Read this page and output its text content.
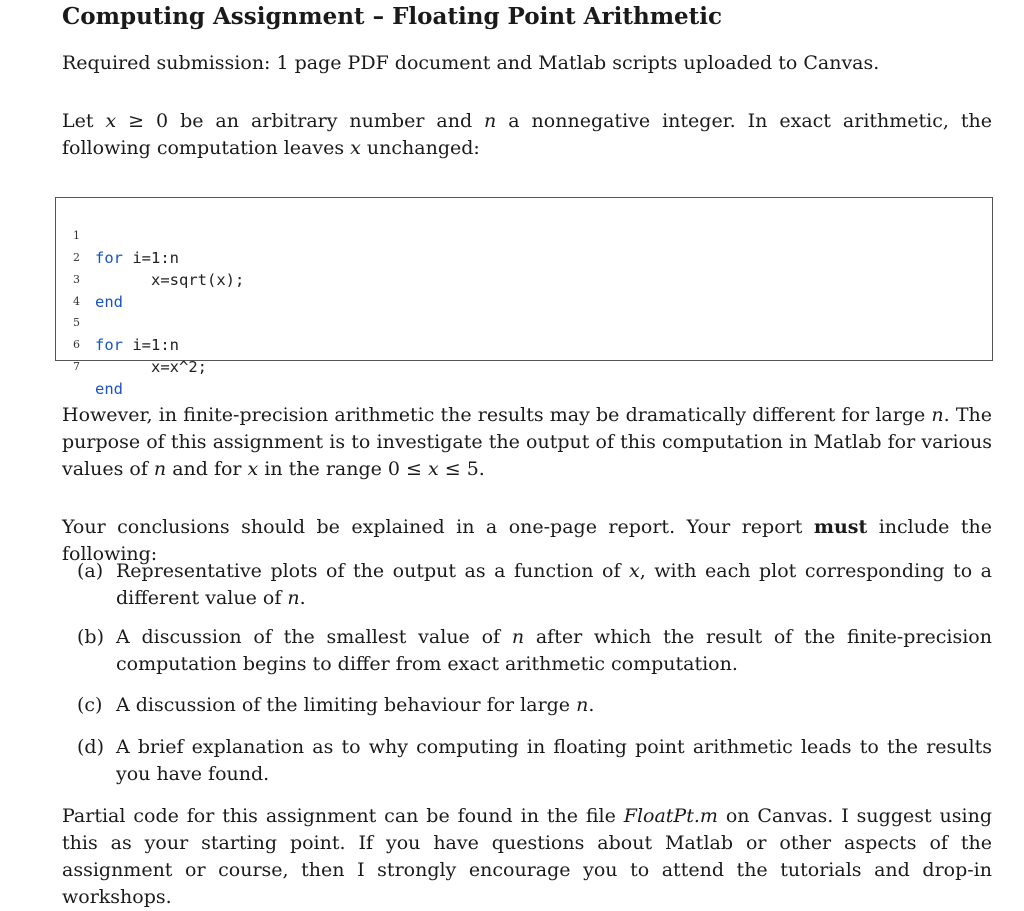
Computing Assignment – Floating Point Arithmetic

Required submission: 1 page PDF document and Matlab scripts uploaded to Canvas.

Let 𝑥 ≥ 0 be an arbitrary number and 𝑛 a nonnegative integer. In exact arithmetic, the following computation leaves 𝑥 unchanged:

1

for i=1:n

2

x=sqrt(x);

3

end

4

5

for i=1:n

6

x=x^2;

7

end

However, in finite-precision arithmetic the results may be dramatically different for large 𝑛. The purpose of this assignment is to investigate the output of this computation in Matlab for various values of 𝑛 and for 𝑥 in the range 0 ≤ 𝑥 ≤ 5.

Your conclusions should be explained in a one-page report. Your report must include the following:

(a) Representative plots of the output as a function of 𝑥, with each plot corresponding to a different value of 𝑛.

(b) A discussion of the smallest value of 𝑛 after which the result of the finite-precision computation begins to differ from exact arithmetic computation.

(c) A discussion of the limiting behaviour for large 𝑛.

(d) A brief explanation as to why computing in floating point arithmetic leads to the results you have found.

Partial code for this assignment can be found in the file FloatPt.m on Canvas. I suggest using this as your starting point. If you have questions about Matlab or other aspects of the assignment or course, then I strongly encourage you to attend the tutorials and drop-in workshops.
